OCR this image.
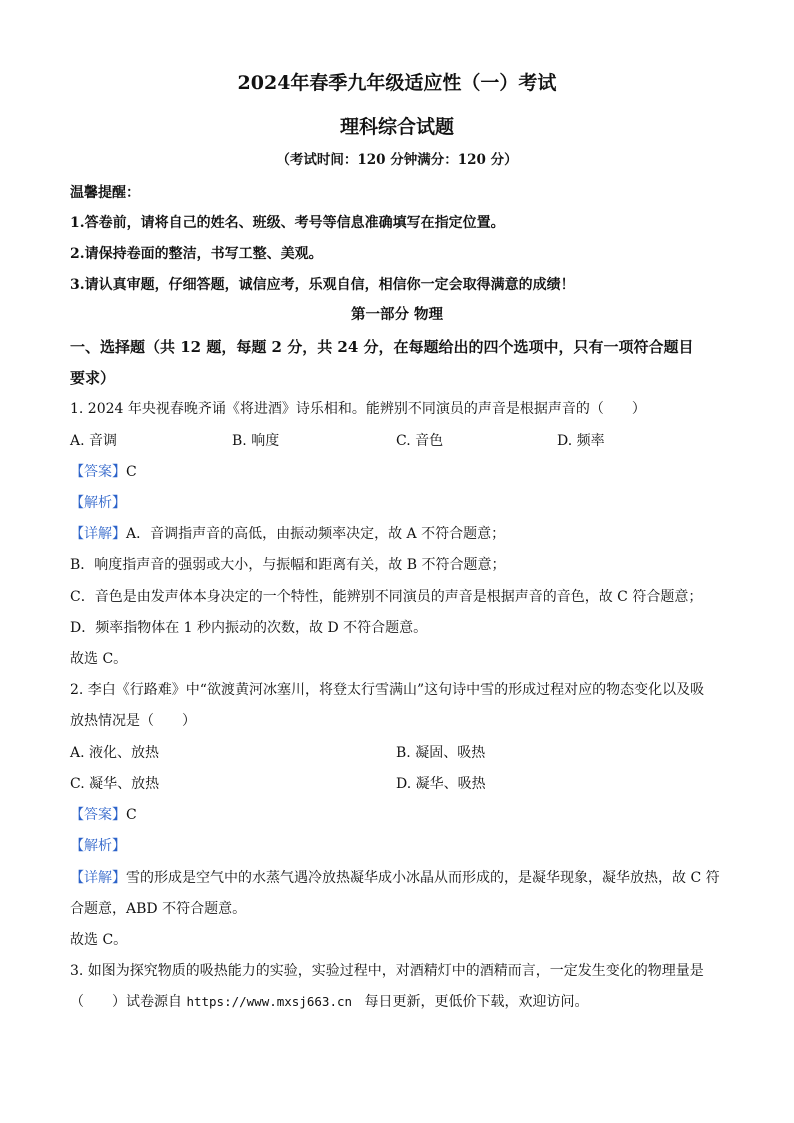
2024年春季九年级适应性（一）考试
理科综合试题
（考试时间：120 分钟满分：120 分）
温馨提醒：
1.答卷前，请将自己的姓名、班级、考号等信息准确填写在指定位置。
2.请保持卷面的整洁，书写工整、美观。
3.请认真审题，仔细答题，诚信应考，乐观自信，相信你一定会取得满意的成绩！
第一部分 物理
一、选择题（共 12 题，每题 2 分，共 24 分，在每题给出的四个选项中，只有一项符合题目
要求）
1. 2024 年央视春晚齐诵《将进酒》诗乐相和。能辨别不同演员的声音是根据声音的（　　）
A. 音调	B. 响度	C. 音色	D. 频率
【答案】C
【解析】
【详解】A．音调指声音的高低，由振动频率决定，故 A 不符合题意；
B．响度指声音的强弱或大小，与振幅和距离有关，故 B 不符合题意；
C．音色是由发声体本身决定的一个特性，能辨别不同演员的声音是根据声音的音色，故 C 符合题意；
D．频率指物体在 1 秒内振动的次数，故 D 不符合题意。
故选 C。
2. 李白《行路难》中“欲渡黄河冰塞川，将登太行雪满山”这句诗中雪的形成过程对应的物态变化以及吸
放热情况是（　　）
A. 液化、放热	B. 凝固、吸热
C. 凝华、放热	D. 凝华、吸热
【答案】C
【解析】
【详解】雪的形成是空气中的水蒸气遇冷放热凝华成小冰晶从而形成的，是凝华现象，凝华放热，故 C 符
合题意，ABD 不符合题意。
故选 C。
3. 如图为探究物质的吸热能力的实验，实验过程中，对酒精灯中的酒精而言，一定发生变化的物理量是
（　　）试卷源自 https://www.mxsj663.cn 每日更新，更低价下载，欢迎访问。
